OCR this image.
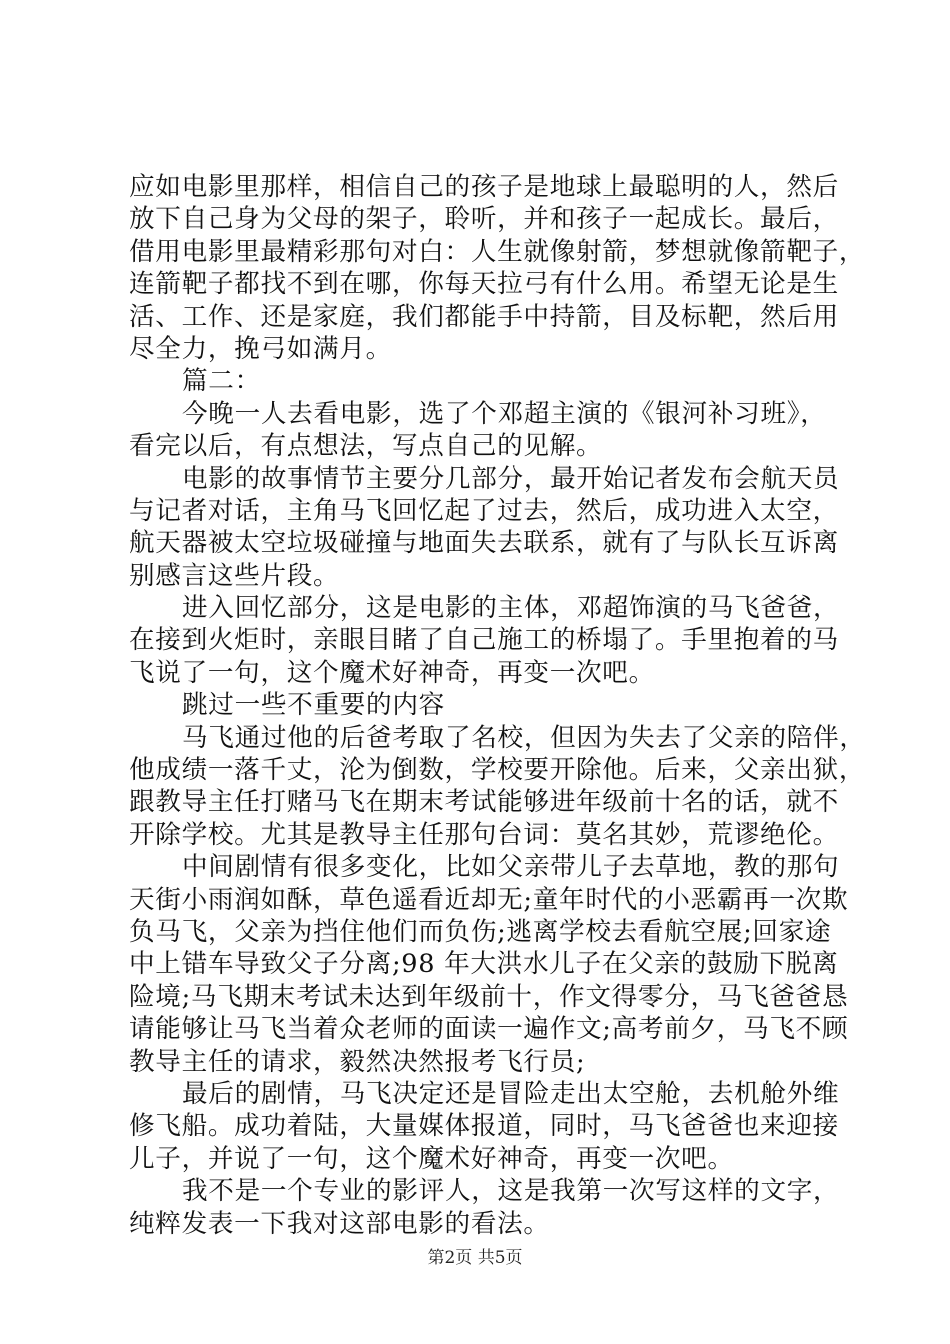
应如电影里那样，相信自己的孩子是地球上最聪明的人，然后
放下自己身为父母的架子，聆听，并和孩子一起成长。最后，
借用电影里最精彩那句对白：人生就像射箭，梦想就像箭靶子，
连箭靶子都找不到在哪，你每天拉弓有什么用。希望无论是生
活、工作、还是家庭，我们都能手中持箭，目及标靶，然后用
尽全力，挽弓如满月。
篇二：
今晚一人去看电影，选了个邓超主演的《银河补习班》，
看完以后，有点想法，写点自己的见解。
电影的故事情节主要分几部分，最开始记者发布会航天员
与记者对话，主角马飞回忆起了过去，然后，成功进入太空，
航天器被太空垃圾碰撞与地面失去联系，就有了与队长互诉离
别感言这些片段。
进入回忆部分，这是电影的主体，邓超饰演的马飞爸爸，
在接到火炬时，亲眼目睹了自己施工的桥塌了。手里抱着的马
飞说了一句，这个魔术好神奇，再变一次吧。
跳过一些不重要的内容
马飞通过他的后爸考取了名校，但因为失去了父亲的陪伴，
他成绩一落千丈，沦为倒数，学校要开除他。后来，父亲出狱，
跟教导主任打赌马飞在期末考试能够进年级前十名的话，就不
开除学校。尤其是教导主任那句台词：莫名其妙，荒谬绝伦。
中间剧情有很多变化，比如父亲带儿子去草地，教的那句
天街小雨润如酥，草色遥看近却无;童年时代的小恶霸再一次欺
负马飞，父亲为挡住他们而负伤;逃离学校去看航空展;回家途
中上错车导致父子分离;98 年大洪水儿子在父亲的鼓励下脱离
险境;马飞期末考试未达到年级前十，作文得零分，马飞爸爸恳
请能够让马飞当着众老师的面读一遍作文;高考前夕，马飞不顾
教导主任的请求，毅然决然报考飞行员;
最后的剧情，马飞决定还是冒险走出太空舱，去机舱外维
修飞船。成功着陆，大量媒体报道，同时，马飞爸爸也来迎接
儿子，并说了一句，这个魔术好神奇，再变一次吧。
我不是一个专业的影评人，这是我第一次写这样的文字，
纯粹发表一下我对这部电影的看法。
第2页 共5页
